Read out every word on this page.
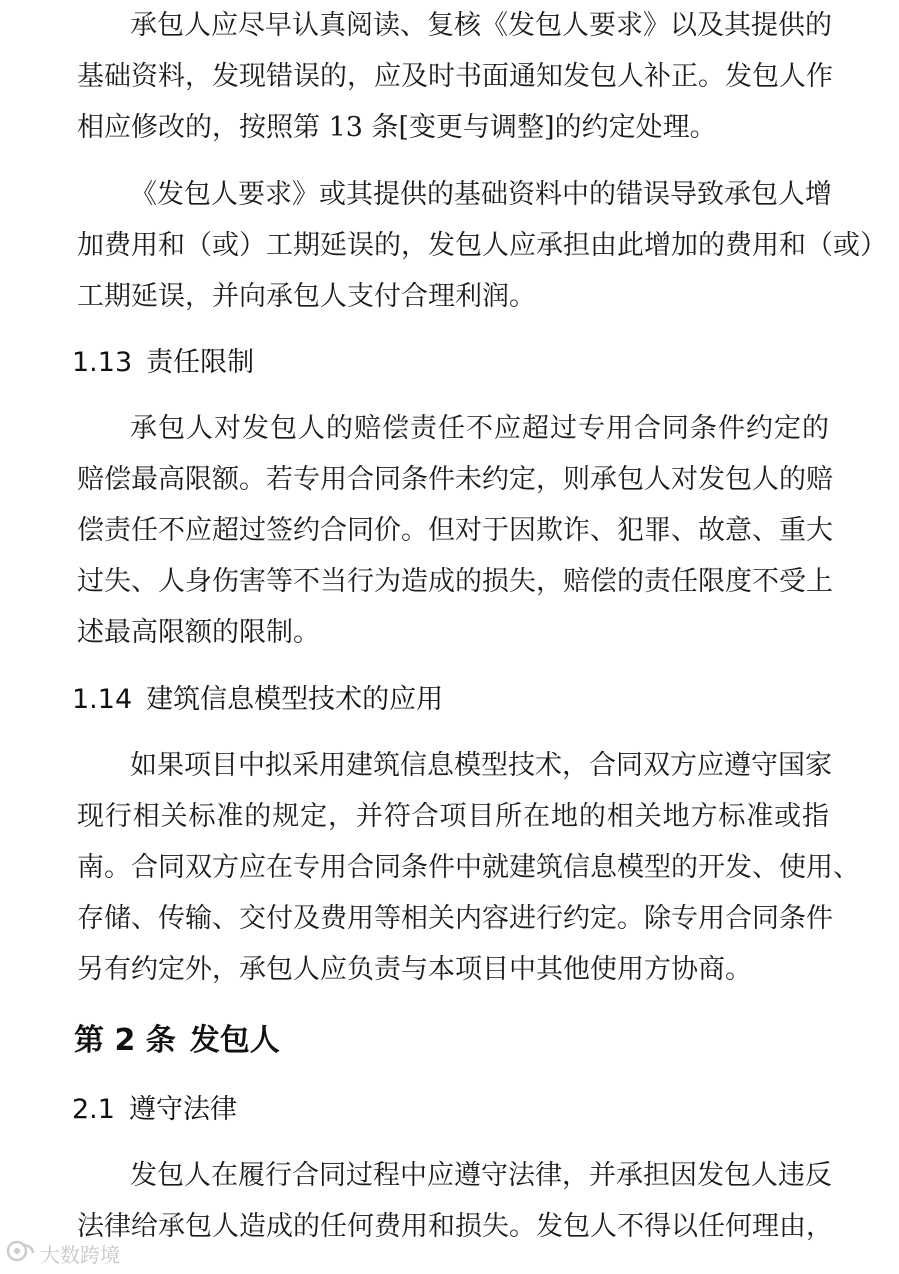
承包人应尽早认真阅读、复核《发包人要求》以及其提供的
基础资料，发现错误的，应及时书面通知发包人补正。发包人作
相应修改的，按照第 13 条[变更与调整]的约定处理。
《发包人要求》或其提供的基础资料中的错误导致承包人增
加费用和（或）工期延误的，发包人应承担由此增加的费用和（或）
工期延误，并向承包人支付合理利润。
1.13 责任限制
承包人对发包人的赔偿责任不应超过专用合同条件约定的
赔偿最高限额。若专用合同条件未约定，则承包人对发包人的赔
偿责任不应超过签约合同价。但对于因欺诈、犯罪、故意、重大
过失、人身伤害等不当行为造成的损失，赔偿的责任限度不受上
述最高限额的限制。
1.14 建筑信息模型技术的应用
如果项目中拟采用建筑信息模型技术，合同双方应遵守国家
现行相关标准的规定，并符合项目所在地的相关地方标准或指
南。合同双方应在专用合同条件中就建筑信息模型的开发、使用、
存储、传输、交付及费用等相关内容进行约定。除专用合同条件
另有约定外，承包人应负责与本项目中其他使用方协商。
第 2 条 发包人
2.1 遵守法律
发包人在履行合同过程中应遵守法律，并承担因发包人违反
法律给承包人造成的任何费用和损失。发包人不得以任何理由，
大数跨境
